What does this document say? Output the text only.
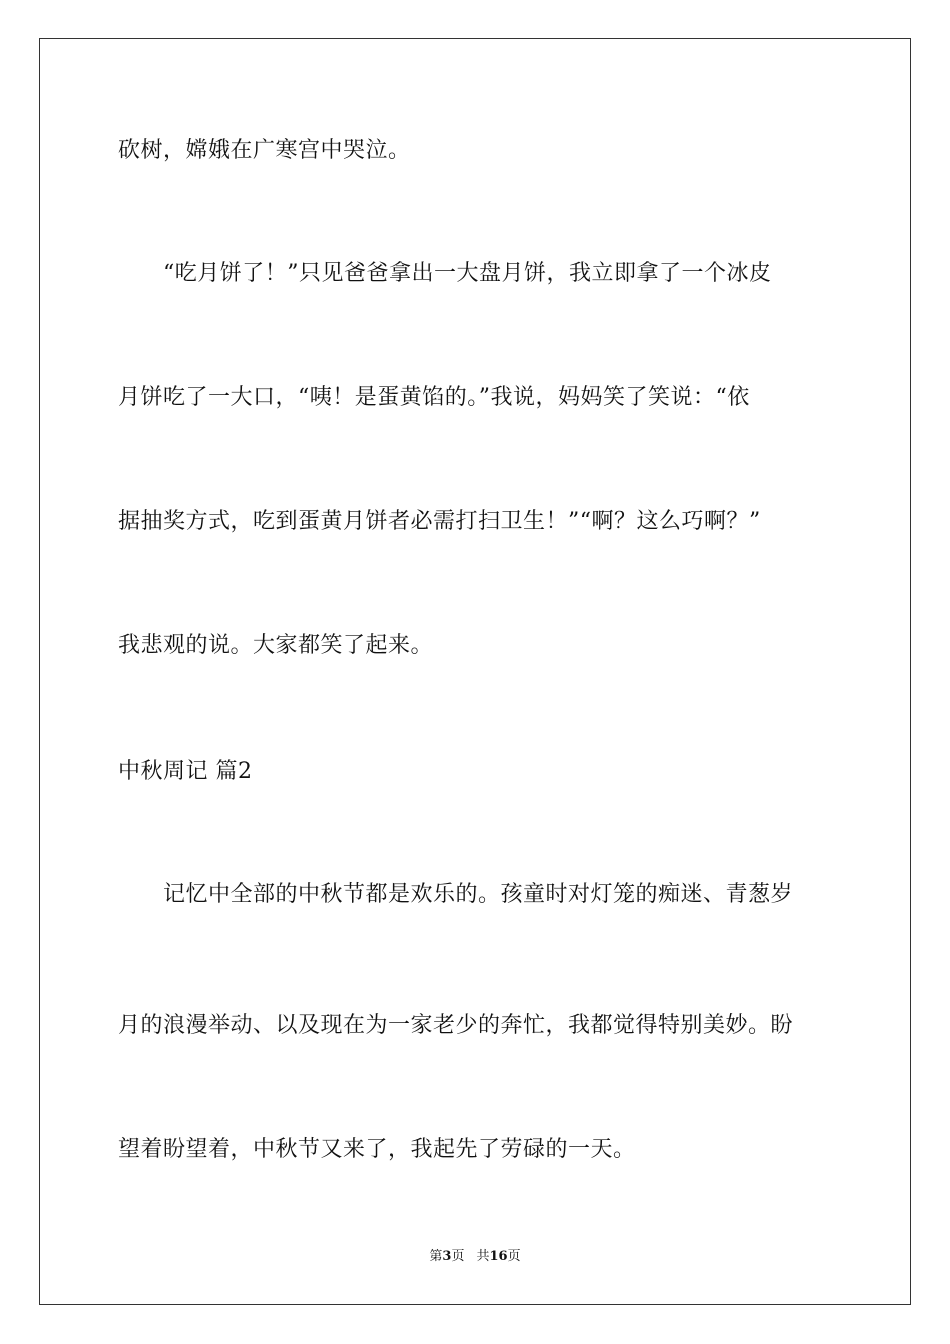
砍树，嫦娥在广寒宫中哭泣。
“吃月饼了！”只见爸爸拿出一大盘月饼，我立即拿了一个冰皮
月饼吃了一大口，“咦！是蛋黄馅的。”我说，妈妈笑了笑说：“依
据抽奖方式，吃到蛋黄月饼者必需打扫卫生！”“啊？这么巧啊？”
我悲观的说。大家都笑了起来。
中秋周记 篇2
记忆中全部的中秋节都是欢乐的。孩童时对灯笼的痴迷、青葱岁
月的浪漫举动、以及现在为一家老少的奔忙，我都觉得特别美妙。盼
望着盼望着，中秋节又来了，我起先了劳碌的一天。
第3页 共16页
